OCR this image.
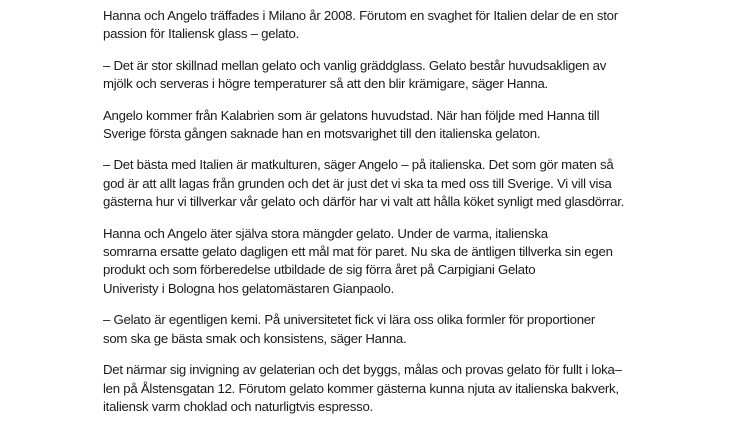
Hanna och Angelo träffades i Milano år 2008. Förutom en svaghet för Italien delar de en stor
passion för Italiensk glass – gelato.

– Det är stor skillnad mellan gelato och vanlig gräddglass. Gelato består huvudsakligen av
mjölk och serveras i högre temperaturer så att den blir krämigare, säger Hanna.

Angelo kommer från Kalabrien som är gelatons huvudstad. När han följde med Hanna till
Sverige första gången saknade han en motsvarighet till den italienska gelaton.

– Det bästa med Italien är matkulturen, säger Angelo – på italienska. Det som gör maten så
god är att allt lagas från grunden och det är just det vi ska ta med oss till Sverige. Vi vill visa
gästerna hur vi tillverkar vår gelato och därför har vi valt att hålla köket synligt med glasdörrar.

Hanna och Angelo äter själva stora mängder gelato. Under de varma, italienska
somrarna ersatte gelato dagligen ett mål mat för paret. Nu ska de äntligen tillverka sin egen
produkt och som förberedelse utbildade de sig förra året på Carpigiani Gelato
Univeristy i Bologna hos gelatomästaren Gianpaolo.

– Gelato är egentligen kemi. På universitetet fick vi lära oss olika formler för proportioner
som ska ge bästa smak och konsistens, säger Hanna.

Det närmar sig invigning av gelaterian och det byggs, målas och provas gelato för fullt i loka–
len på Ålstensgatan 12. Förutom gelato kommer gästerna kunna njuta av italienska bakverk,
italiensk varm choklad och naturligtvis espresso.
